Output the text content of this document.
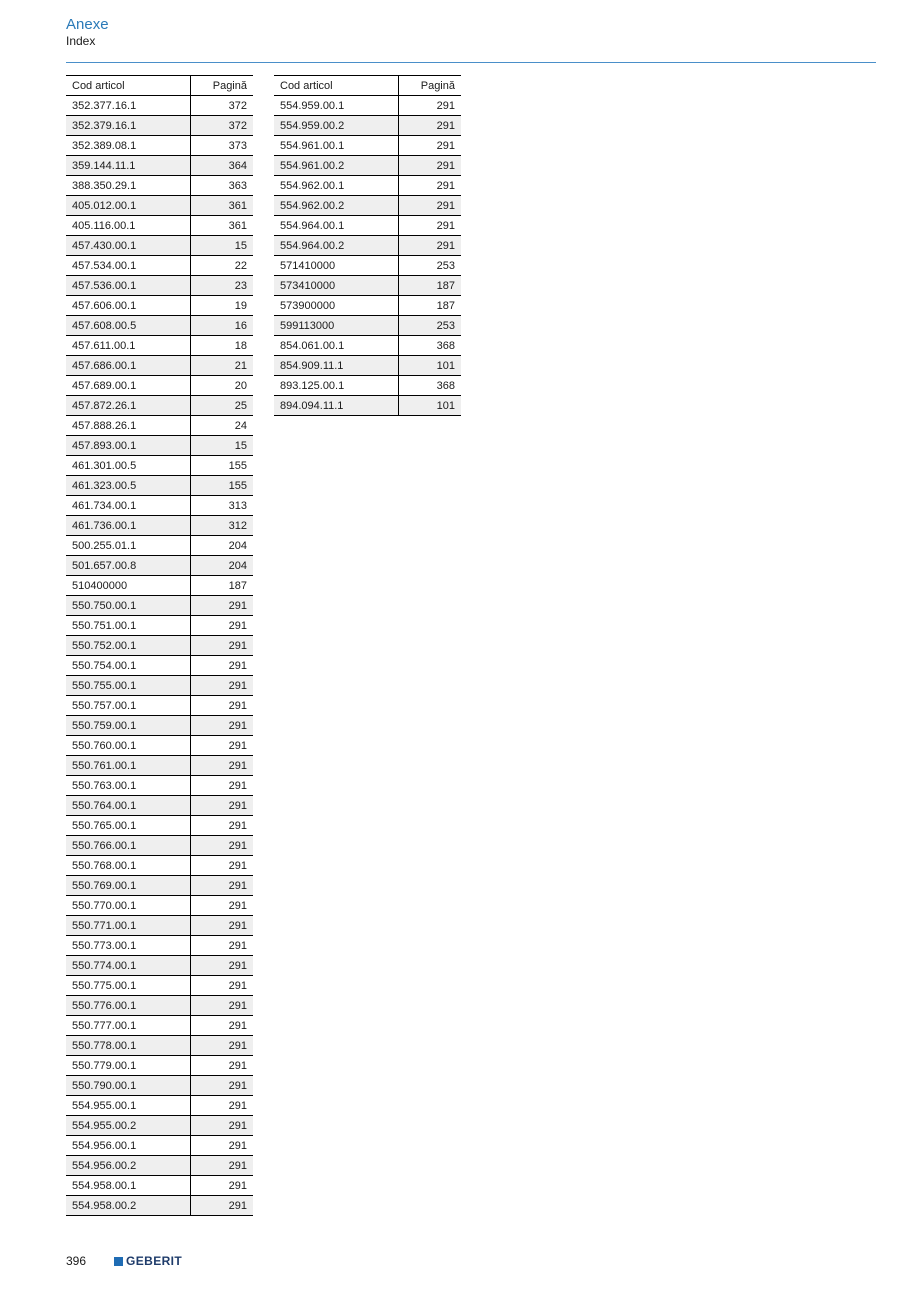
Anexe
Index
Cod articol	Pagină
352.377.16.1	372
352.379.16.1	372
352.389.08.1	373
359.144.11.1	364
388.350.29.1	363
405.012.00.1	361
405.116.00.1	361
457.430.00.1	15
457.534.00.1	22
457.536.00.1	23
457.606.00.1	19
457.608.00.5	16
457.611.00.1	18
457.686.00.1	21
457.689.00.1	20
457.872.26.1	25
457.888.26.1	24
457.893.00.1	15
461.301.00.5	155
461.323.00.5	155
461.734.00.1	313
461.736.00.1	312
500.255.01.1	204
501.657.00.8	204
510400000	187
550.750.00.1	291
550.751.00.1	291
550.752.00.1	291
550.754.00.1	291
550.755.00.1	291
550.757.00.1	291
550.759.00.1	291
550.760.00.1	291
550.761.00.1	291
550.763.00.1	291
550.764.00.1	291
550.765.00.1	291
550.766.00.1	291
550.768.00.1	291
550.769.00.1	291
550.770.00.1	291
550.771.00.1	291
550.773.00.1	291
550.774.00.1	291
550.775.00.1	291
550.776.00.1	291
550.777.00.1	291
550.778.00.1	291
550.779.00.1	291
550.790.00.1	291
554.955.00.1	291
554.955.00.2	291
554.956.00.1	291
554.956.00.2	291
554.958.00.1	291
554.958.00.2	291
Cod articol	Pagină
554.959.00.1	291
554.959.00.2	291
554.961.00.1	291
554.961.00.2	291
554.962.00.1	291
554.962.00.2	291
554.964.00.1	291
554.964.00.2	291
571410000	253
573410000	187
573900000	187
599113000	253
854.061.00.1	368
854.909.11.1	101
893.125.00.1	368
894.094.11.1	101
396	GEBERIT
